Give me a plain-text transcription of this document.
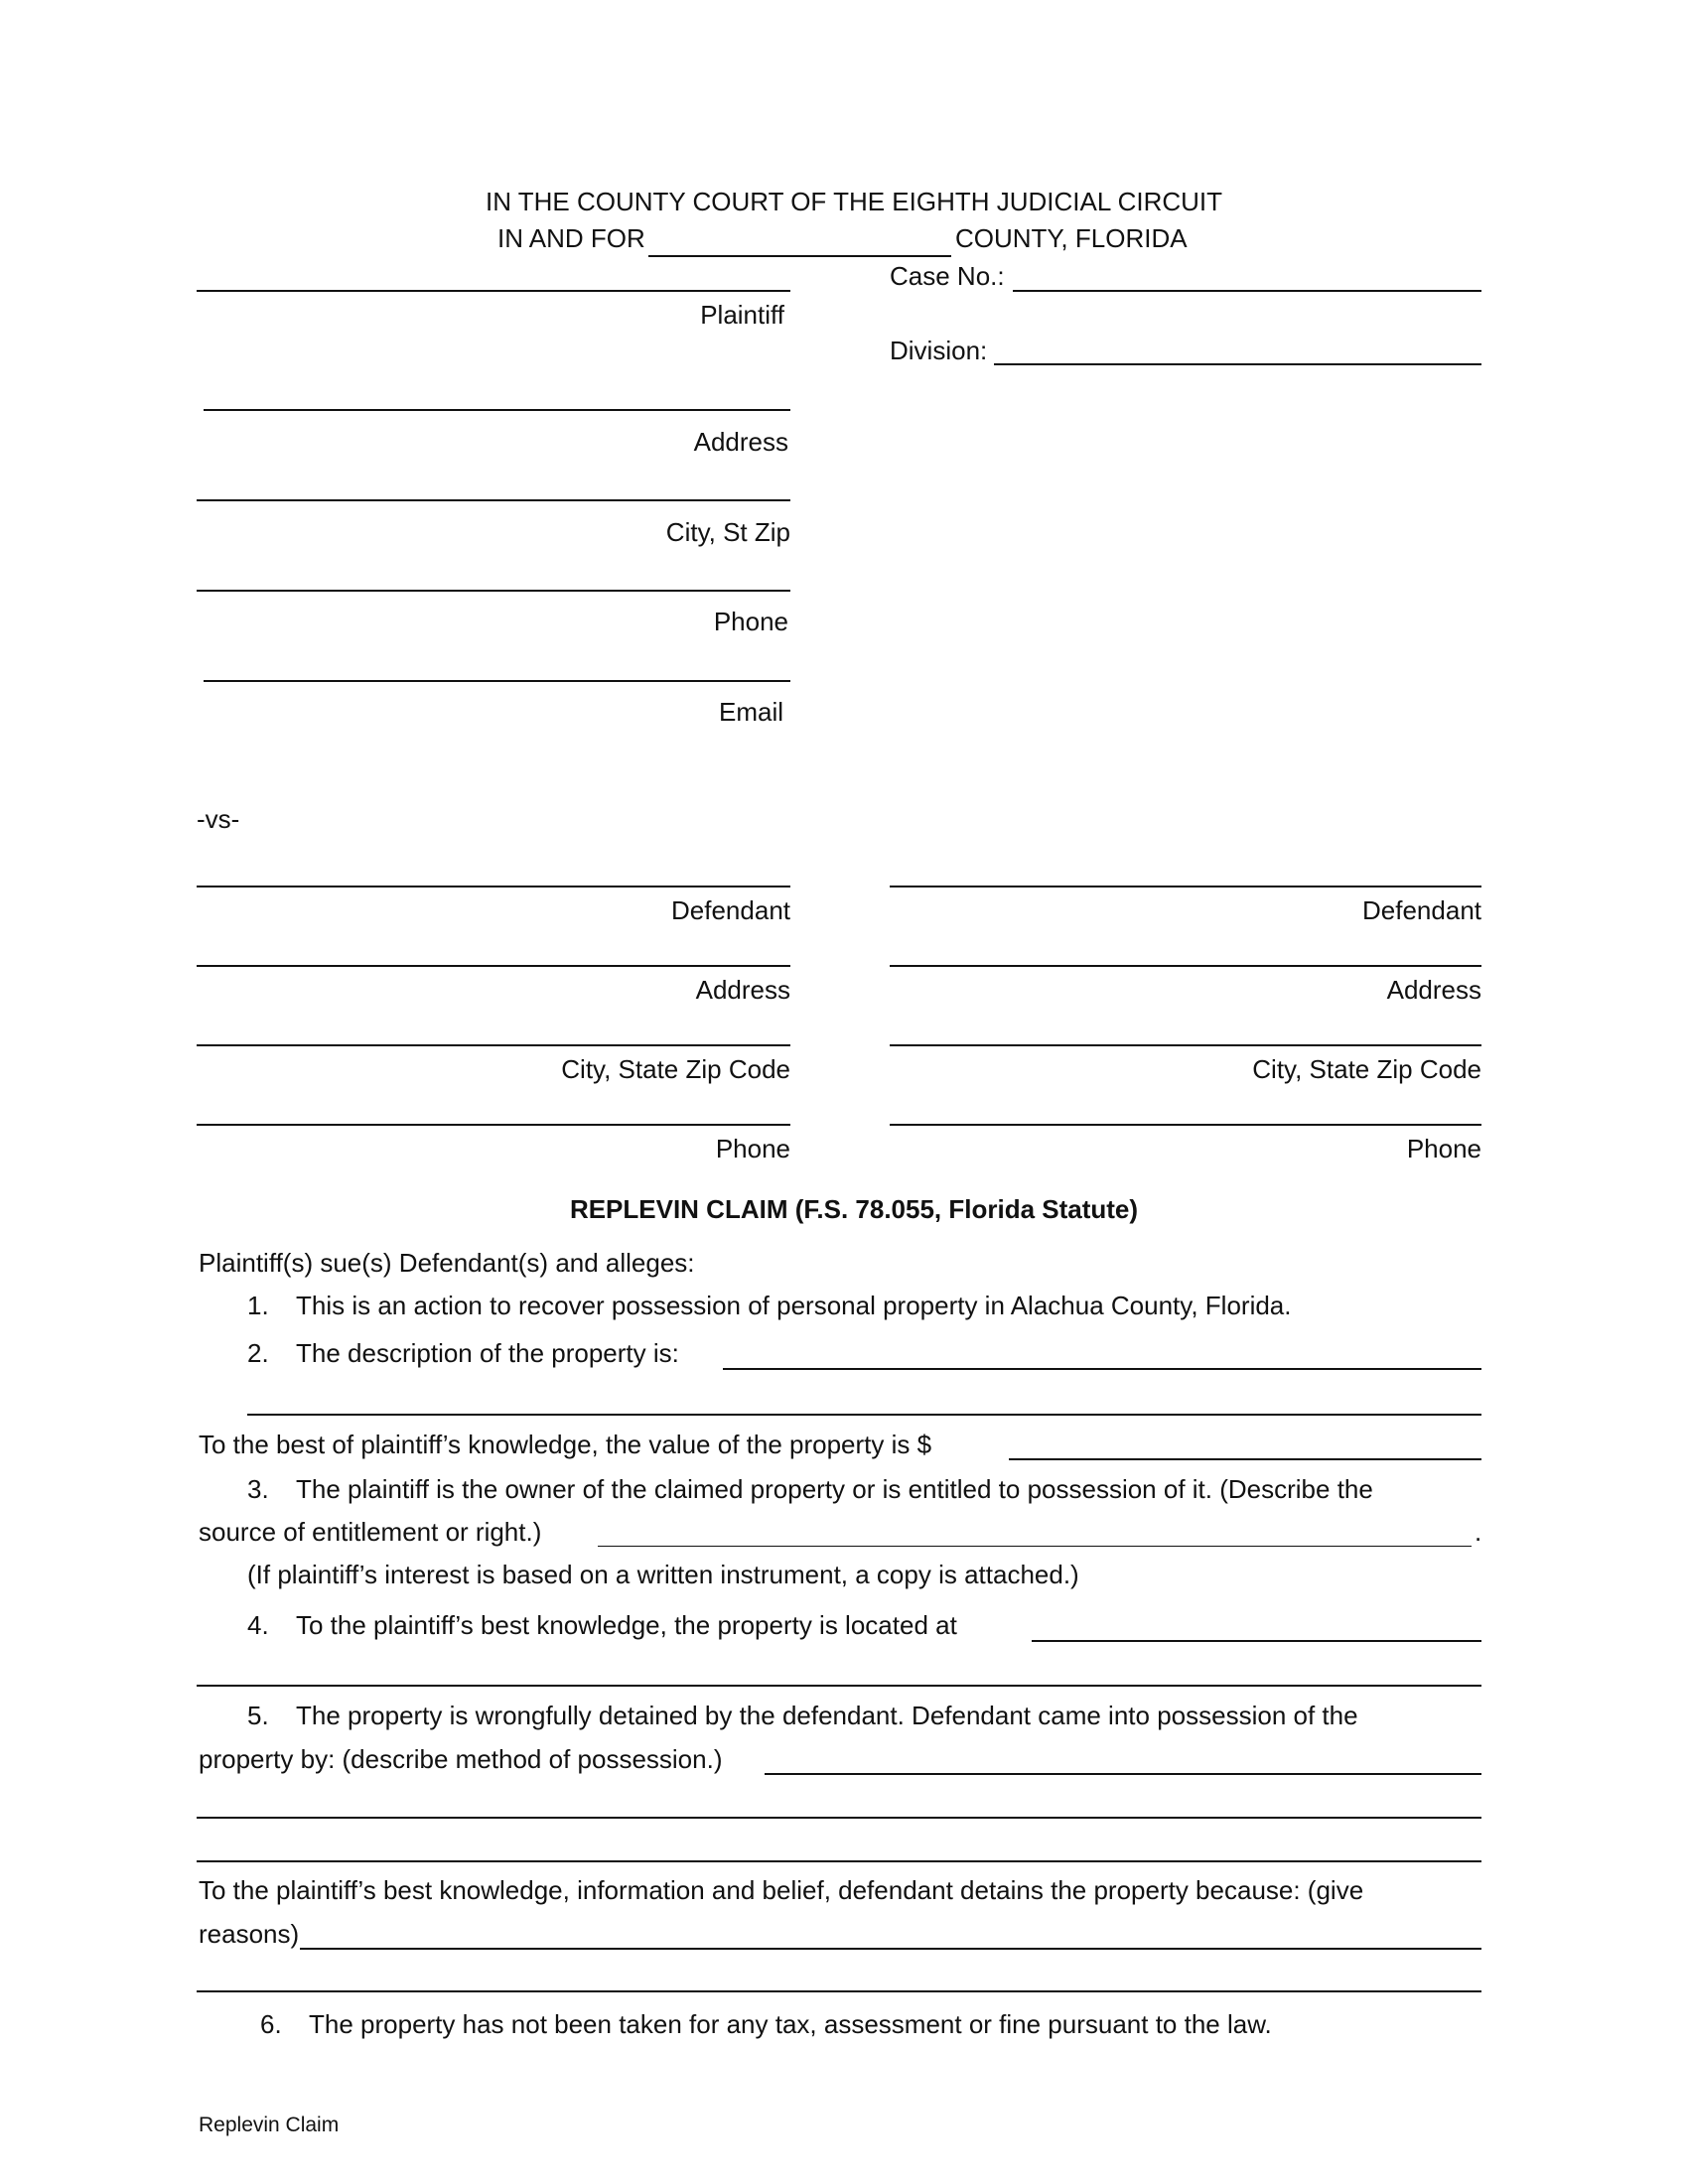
IN THE COUNTY COURT OF THE EIGHTH JUDICIAL CIRCUIT
IN AND FOR	COUNTY, FLORIDA
Case No.:
Division:
Plaintiff
Address
City, St Zip
Phone
Email
-vs-
Defendant
Address
City, State Zip Code
Phone
Defendant
Address
City, State Zip Code
Phone
REPLEVIN CLAIM (F.S. 78.055, Florida Statute)
Plaintiff(s) sue(s) Defendant(s) and alleges:
1. This is an action to recover possession of personal property in Alachua County, Florida.
2. The description of the property is:
To the best of plaintiff’s knowledge, the value of the property is $
3. The plaintiff is the owner of the claimed property or is entitled to possession of it. (Describe the
source of entitlement or right.)	.
(If plaintiff’s interest is based on a written instrument, a copy is attached.)
4. To the plaintiff’s best knowledge, the property is located at
5. The property is wrongfully detained by the defendant. Defendant came into possession of the
property by: (describe method of possession.)
To the plaintiff’s best knowledge, information and belief, defendant detains the property because: (give
reasons)
6. The property has not been taken for any tax, assessment or fine pursuant to the law.
Replevin Claim
